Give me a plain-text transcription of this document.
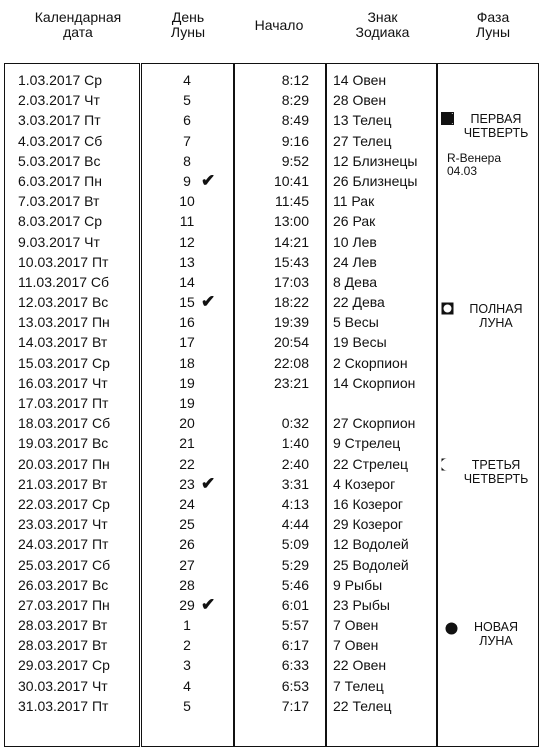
Календарная
дата
День
Луны	Начало	Знак
Зодиака
Фаза
Луны
1.03.2017 Ср
2.03.2017 Чт
3.03.2017 Пт
4.03.2017 Сб
5.03.2017 Вс
6.03.2017 Пн
7.03.2017 Вт
8.03.2017 Ср
9.03.2017 Чт
10.03.2017 Пт
11.03.2017 Сб
12.03.2017 Вс
13.03.2017 Пн
14.03.2017 Вт
15.03.2017 Ср
16.03.2017 Чт
17.03.2017 Пт
18.03.2017 Сб
19.03.2017 Вс
20.03.2017 Пн
21.03.2017 Вт
22.03.2017 Ср
23.03.2017 Чт
24.03.2017 Пт
25.03.2017 Сб
26.03.2017 Вс
27.03.2017 Пн
28.03.2017 Вт
28.03.2017 Вт
29.03.2017 Ср
30.03.2017 Чт
31.03.2017 Пт
4
5
6
7
8
9 ✔
10
11
12
13
14
15 ✔
16
17
18
19
19
20
21
22
23 ✔
24
25
26
27
28
29 ✔
1
2
3
4
5
8:12
8:29
8:49
9:16
9:52
10:41
11:45
13:00
14:21
15:43
17:03
18:22
19:39
20:54
22:08
23:21
0:32
1:40
2:40
3:31
4:13
4:44
5:09
5:29
5:46
6:01
5:57
6:17
6:33
6:53
7:17
14 Овен
28 Овен
13 Телец
27 Телец
12 Близнецы
26 Близнецы
11 Рак
26 Рак
10 Лев
24 Лев
8 Дева
22 Дева
5 Весы
19 Весы
2 Скорпион
14 Скорпион
27 Скорпион
9 Стрелец
22 Стрелец
4 Козерог
16 Козерог
29 Козерог
12 Водолей
25 Водолей
9 Рыбы
23 Рыбы
7 Овен
7 Овен
22 Овен
7 Телец
22 Телец
ПЕРВАЯ
ЧЕТВЕРТЬ
R-Венера
04.03
ПОЛНАЯ
ЛУНА
ТРЕТЬЯ
ЧЕТВЕРТЬ
НОВАЯ
ЛУНА
